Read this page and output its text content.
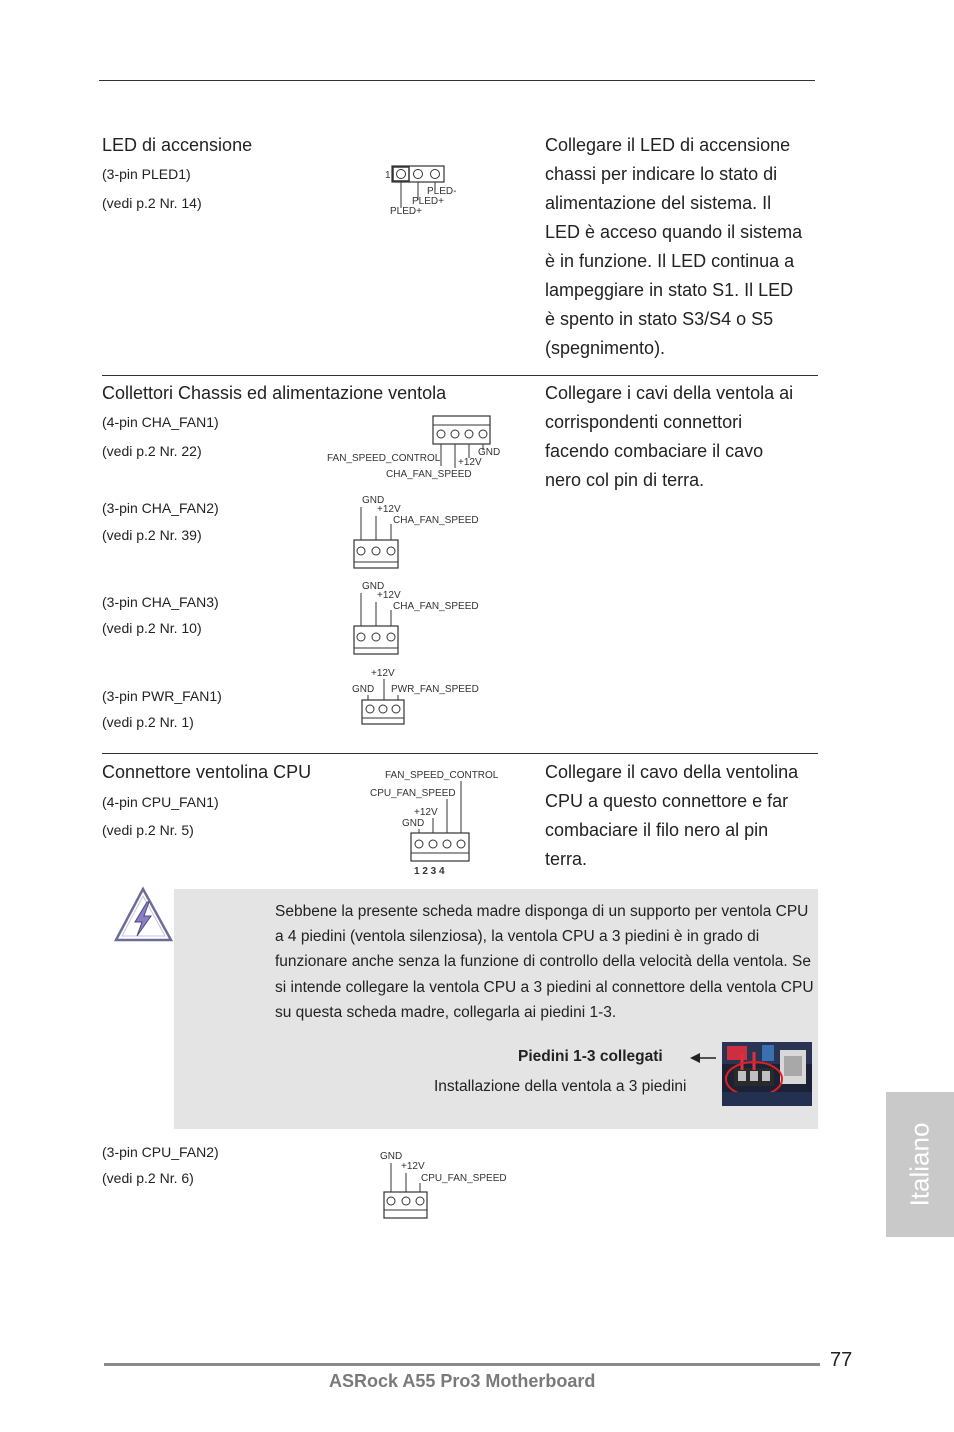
LED di accensione
(3-pin PLED1)
(vedi p.2 Nr. 14)
1
PLED-
PLED+
PLED+
Collegare il LED di accensione
chassi per indicare lo stato di
alimentazione del sistema. Il
LED è acceso quando il sistema
è in funzione. Il LED continua a
lampeggiare in stato S1. Il LED
è spento in stato S3/S4 o S5
(spegnimento).
Collettori Chassis ed alimentazione ventola
(4-pin CHA_FAN1)
(vedi p.2 Nr. 22)	FAN_SPEED_CONTROL
GND
+12V
CHA_FAN_SPEED
(3-pin CHA_FAN2)
(vedi p.2 Nr. 39)
GND
+12V
CHA_FAN_SPEED
(3-pin CHA_FAN3)
(vedi p.2 Nr. 10)
GND
+12V
CHA_FAN_SPEED
(3-pin PWR_FAN1)
(vedi p.2 Nr. 1)
+12V
GND PWR_FAN_SPEED
Collegare i cavi della ventola ai
corrispondenti connettori
facendo combaciare il cavo
nero col pin di terra.
Connettore ventolina CPU
(4-pin CPU_FAN1)
(vedi p.2 Nr. 5)
FAN_SPEED_CONTROL
CPU_FAN_SPEED
+12V
GND
1 2 3 4
Collegare il cavo della ventolina
CPU a questo connettore e far
combaciare il filo nero al pin
terra.
Sebbene la presente scheda madre disponga di un supporto per ventola CPU a 4 piedini (ventola silenziosa), la ventola CPU a 3 piedini è in grado di funzionare anche senza la funzione di controllo della velocità della ventola. Se si intende collegare la ventola CPU a 3 piedini al connettore della ventola CPU su questa scheda madre, collegarla ai piedini 1-3.
Piedini 1-3 collegati
Installazione della ventola a 3 piedini
(3-pin CPU_FAN2)
(vedi p.2 Nr. 6)
GND
+12V
CPU_FAN_SPEED	Italiano
77
ASRock A55 Pro3 Motherboard
